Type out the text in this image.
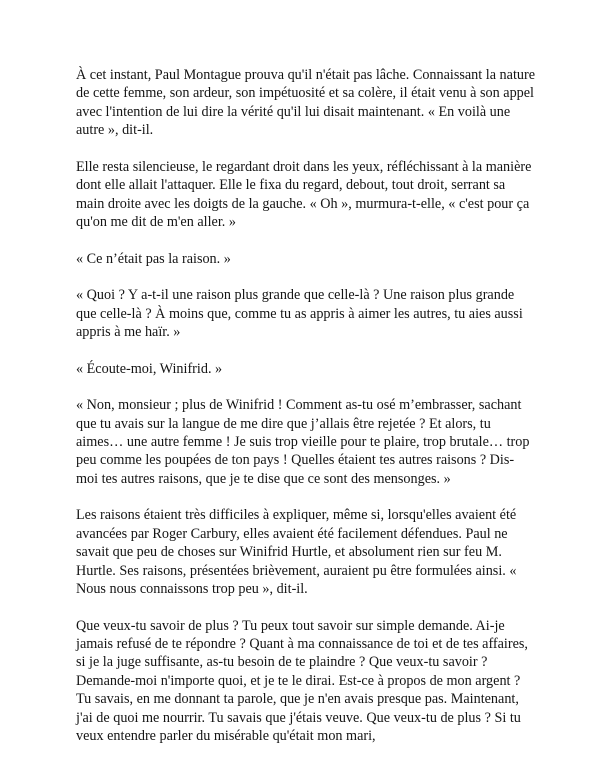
À cet instant, Paul Montague prouva qu'il n'était pas lâche. Connaissant la nature de cette femme, son ardeur, son impétuosité et sa colère, il était venu à son appel avec l'intention de lui dire la vérité qu'il lui disait maintenant. « En voilà une autre », dit-il.

Elle resta silencieuse, le regardant droit dans les yeux, réfléchissant à la manière dont elle allait l'attaquer. Elle le fixa du regard, debout, tout droit, serrant sa main droite avec les doigts de la gauche. « Oh », murmura-t-elle, « c'est pour ça qu'on me dit de m'en aller. »

« Ce n’était pas la raison. »

« Quoi ? Y a-t-il une raison plus grande que celle-là ? Une raison plus grande que celle-là ? À moins que, comme tu as appris à aimer les autres, tu aies aussi appris à me haïr. »

« Écoute-moi, Winifrid. »

« Non, monsieur ; plus de Winifrid ! Comment as-tu osé m’embrasser, sachant que tu avais sur la langue de me dire que j’allais être rejetée ? Et alors, tu aimes… une autre femme ! Je suis trop vieille pour te plaire, trop brutale… trop peu comme les poupées de ton pays ! Quelles étaient tes autres raisons ? Dis-moi tes autres raisons, que je te dise que ce sont des mensonges. »

Les raisons étaient très difficiles à expliquer, même si, lorsqu'elles avaient été avancées par Roger Carbury, elles avaient été facilement défendues. Paul ne savait que peu de choses sur Winifrid Hurtle, et absolument rien sur feu M. Hurtle. Ses raisons, présentées brièvement, auraient pu être formulées ainsi. « Nous nous connaissons trop peu », dit-il.

Que veux-tu savoir de plus ? Tu peux tout savoir sur simple demande. Ai-je jamais refusé de te répondre ? Quant à ma connaissance de toi et de tes affaires, si je la juge suffisante, as-tu besoin de te plaindre ? Que veux-tu savoir ? Demande-moi n'importe quoi, et je te le dirai. Est-ce à propos de mon argent ? Tu savais, en me donnant ta parole, que je n'en avais presque pas. Maintenant, j'ai de quoi me nourrir. Tu savais que j'étais veuve. Que veux-tu de plus ? Si tu veux entendre parler du misérable qu'était mon mari,
